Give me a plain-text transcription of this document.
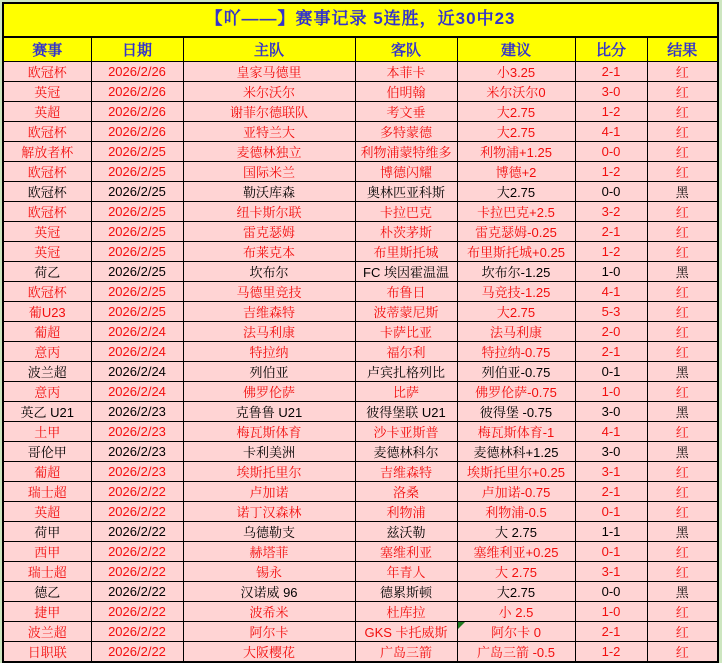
【吖——】赛事记录 5连胜，近30中23
赛事	日期	主队	客队	建议	比分	结果
欧冠杯	2026/2/26	皇家马德里	本菲卡	小3.25	2-1	红
英冠	2026/2/26	米尔沃尔	伯明翰	米尔沃尔0	3-0	红
英超	2026/2/26	谢菲尔德联队	考文垂	大2.75	1-2	红
欧冠杯	2026/2/26	亚特兰大	多特蒙德	大2.75	4-1	红
解放者杯	2026/2/25	麦德林独立	利物浦蒙特维多	利物浦+1.25	0-0	红
欧冠杯	2026/2/25	国际米兰	博德闪耀	博德+2	1-2	红
欧冠杯	2026/2/25	勒沃库森	奥林匹亚科斯	大2.75	0-0	黑
欧冠杯	2026/2/25	纽卡斯尔联	卡拉巴克	卡拉巴克+2.5	3-2	红
英冠	2026/2/25	雷克瑟姆	朴茨茅斯	雷克瑟姆-0.25	2-1	红
英冠	2026/2/25	布莱克本	布里斯托城	布里斯托城+0.25	1-2	红
荷乙	2026/2/25	坎布尔	FC 埃因霍温温	坎布尔-1.25	1-0	黑
欧冠杯	2026/2/25	马德里竞技	布鲁日	马竞技-1.25	4-1	红
葡U23	2026/2/25	吉维森特	波蒂蒙尼斯	大2.75	5-3	红
葡超	2026/2/24	法马利康	卡萨比亚	法马利康	2-0	红
意丙	2026/2/24	特拉纳	福尔利	特拉纳-0.75	2-1	红
波兰超	2026/2/24	列伯亚	卢宾扎格列比	列伯亚-0.75	0-1	黑
意丙	2026/2/24	佛罗伦萨	比萨	佛罗伦萨-0.75	1-0	红
英乙 U21	2026/2/23	克鲁鲁 U21	彼得堡联 U21	彼得堡 -0.75	3-0	黑
土甲	2026/2/23	梅瓦斯体育	沙卡亚斯普	梅瓦斯体育-1	4-1	红
哥伦甲	2026/2/23	卡利美洲	麦德林科尔	麦德林科+1.25	3-0	黑
葡超	2026/2/23	埃斯托里尔	吉维森特	埃斯托里尔+0.25	3-1	红
瑞士超	2026/2/22	卢加诺	洛桑	卢加诺-0.75	2-1	红
英超	2026/2/22	诺丁汉森林	利物浦	利物浦-0.5	0-1	红
荷甲	2026/2/22	乌德勒支	兹沃勒	大 2.75	1-1	黑
西甲	2026/2/22	赫塔菲	塞维利亚	塞维利亚+0.25	0-1	红
瑞士超	2026/2/22	锡永	年青人	大 2.75	3-1	红
德乙	2026/2/22	汉诺威 96	德累斯顿	大2.75	0-0	黑
捷甲	2026/2/22	波希米	杜库拉	小 2.5	1-0	红
波兰超	2026/2/22	阿尔卡	GKS 卡托威斯	阿尔卡 0	2-1	红
日职联	2026/2/22	大阪樱花	广岛三箭	广岛三箭 -0.5	1-2	红
